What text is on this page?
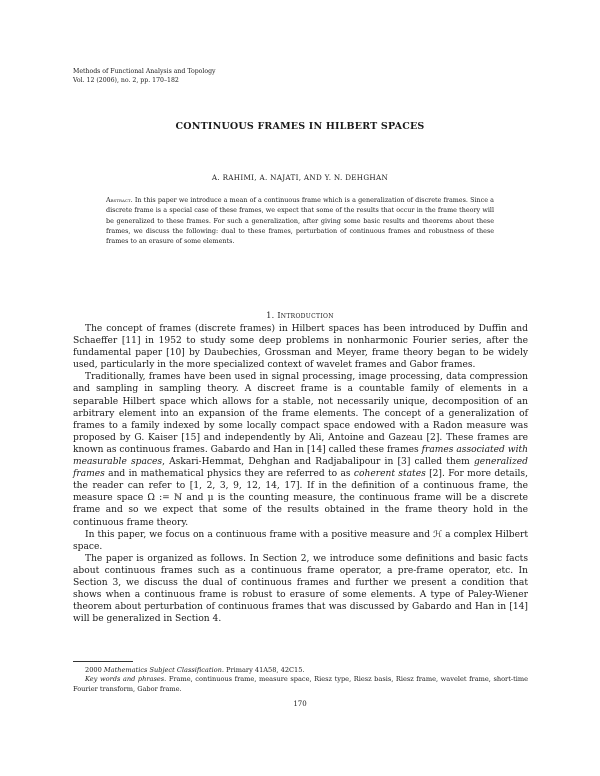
Methods of Functional Analysis and Topology
Vol. 12 (2006), no. 2, pp. 170–182
CONTINUOUS FRAMES IN HILBERT SPACES
A. RAHIMI, A. NAJATI, AND Y. N. DEHGHAN
Abstract. In this paper we introduce a mean of a continuous frame which is a generalization of discrete frames. Since a discrete frame is a special case of these frames, we expect that some of the results that occur in the frame theory will be generalized to these frames. For such a generalization, after giving some basic results and theorems about these frames, we discuss the following: dual to these frames, perturbation of continuous frames and robustness of these frames to an erasure of some elements.
1. Introduction

The concept of frames (discrete frames) in Hilbert spaces has been introduced by Duffin and Schaeffer [11] in 1952 to study some deep problems in nonharmonic Fourier series, after the fundamental paper [10] by Daubechies, Grossman and Meyer, frame theory began to be widely used, particularly in the more specialized context of wavelet frames and Gabor frames.

Traditionally, frames have been used in signal processing, image processing, data compression and sampling in sampling theory. A discreet frame is a countable family of elements in a separable Hilbert space which allows for a stable, not necessarily unique, decomposition of an arbitrary element into an expansion of the frame elements. The concept of a generalization of frames to a family indexed by some locally compact space endowed with a Radon measure was proposed by G. Kaiser [15] and independently by Ali, Antoine and Gazeau [2]. These frames are known as continuous frames. Gabardo and Han in [14] called these frames frames associated with measurable spaces, Askari-Hemmat, Dehghan and Radjabalipour in [3] called them generalized frames and in mathematical physics they are referred to as coherent states [2]. For more details, the reader can refer to [1, 2, 3, 9, 12, 14, 17]. If in the definition of a continuous frame, the measure space Ω := ℕ and μ is the counting measure, the continuous frame will be a discrete frame and so we expect that some of the results obtained in the frame theory hold in the continuous frame theory.

In this paper, we focus on a continuous frame with a positive measure and ℋ a complex Hilbert space.

The paper is organized as follows. In Section 2, we introduce some definitions and basic facts about continuous frames such as a continuous frame operator, a pre-frame operator, etc. In Section 3, we discuss the dual of continuous frames and further we present a condition that shows when a continuous frame is robust to erasure of some elements. A type of Paley-Wiener theorem about perturbation of continuous frames that was discussed by Gabardo and Han in [14] will be generalized in Section 4.

2000 Mathematics Subject Classification. Primary 41A58, 42C15.

Key words and phrases. Frame, continuous frame, measure space, Riesz type, Riesz basis, Riesz frame, wavelet frame, short-time Fourier transform, Gabor frame.

170
